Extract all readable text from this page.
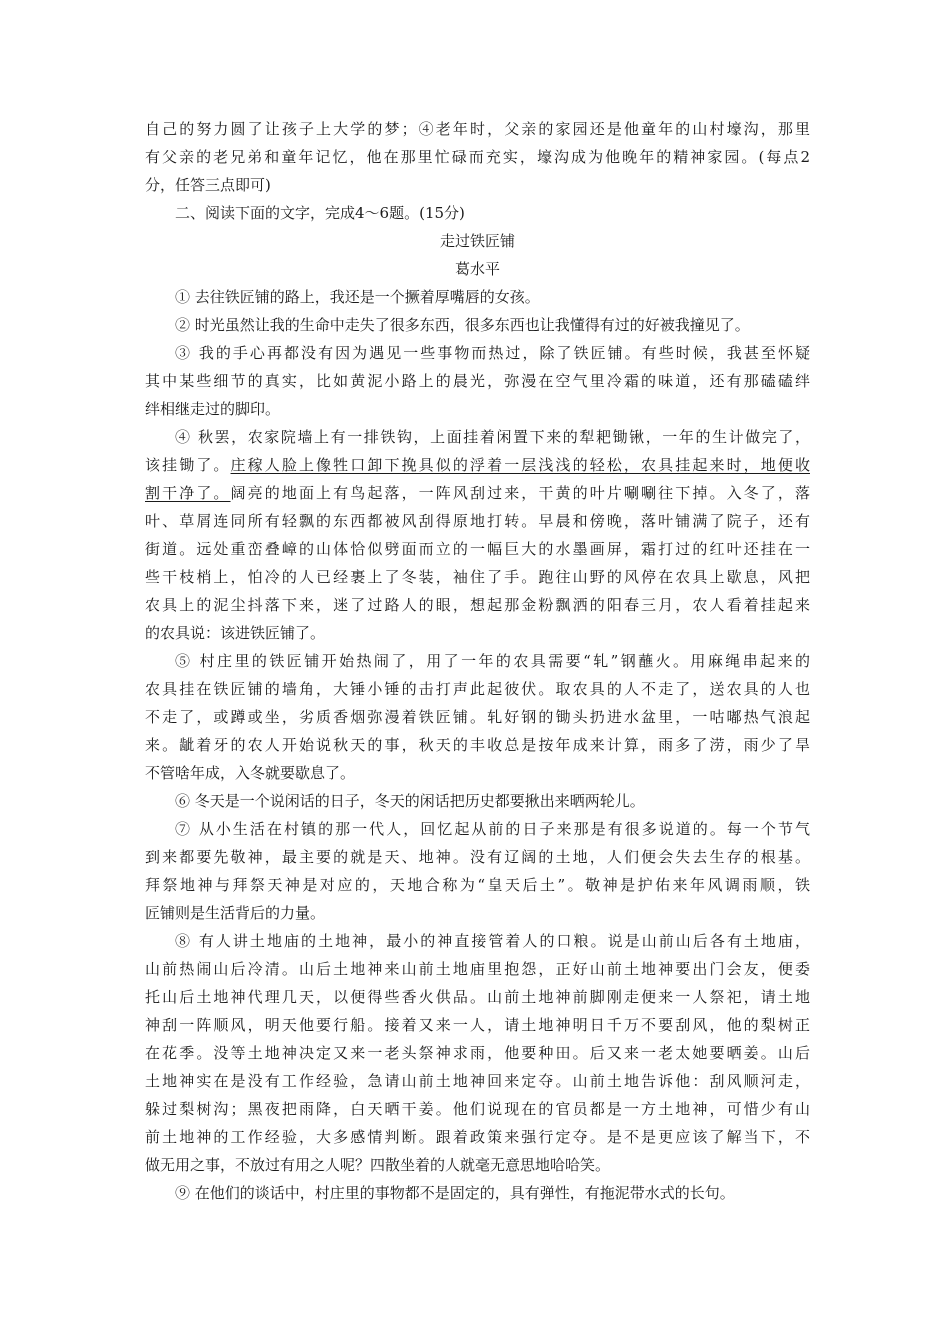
自己的努力圆了让孩子上大学的梦；④老年时，父亲的家园还是他童年的山村壕沟，那里
有父亲的老兄弟和童年记忆，他在那里忙碌而充实，壕沟成为他晚年的精神家园。(每点2
分，任答三点即可)
二、阅读下面的文字，完成4～6题。(15分)
走过铁匠铺
葛水平
① 去往铁匠铺的路上，我还是一个撅着厚嘴唇的女孩。
② 时光虽然让我的生命中走失了很多东西，很多东西也让我懂得有过的好被我撞见了。
③ 我的手心再都没有因为遇见一些事物而热过，除了铁匠铺。有些时候，我甚至怀疑
其中某些细节的真实，比如黄泥小路上的晨光，弥漫在空气里冷霜的味道，还有那磕磕绊
绊相继走过的脚印。
④ 秋罢，农家院墙上有一排铁钩，上面挂着闲置下来的犁耙锄锹，一年的生计做完了，
该挂锄了。庄稼人脸上像牲口卸下挽具似的浮着一层浅浅的轻松，农具挂起来时，地便收
割干净了。阔亮的地面上有鸟起落，一阵风刮过来，干黄的叶片唰唰往下掉。入冬了，落
叶、草屑连同所有轻飘的东西都被风刮得原地打转。早晨和傍晚，落叶铺满了院子，还有
街道。远处重峦叠嶂的山体恰似劈面而立的一幅巨大的水墨画屏，霜打过的红叶还挂在一
些干枝梢上，怕冷的人已经裹上了冬装，袖住了手。跑往山野的风停在农具上歇息，风把
农具上的泥尘抖落下来，迷了过路人的眼，想起那金粉飘洒的阳春三月，农人看着挂起来
的农具说：该进铁匠铺了。
⑤ 村庄里的铁匠铺开始热闹了，用了一年的农具需要“轧”钢蘸火。用麻绳串起来的
农具挂在铁匠铺的墙角，大锤小锤的击打声此起彼伏。取农具的人不走了，送农具的人也
不走了，或蹲或坐，劣质香烟弥漫着铁匠铺。轧好钢的锄头扔进水盆里，一咕嘟热气浪起
来。龇着牙的农人开始说秋天的事，秋天的丰收总是按年成来计算，雨多了涝，雨少了旱
不管啥年成，入冬就要歇息了。
⑥ 冬天是一个说闲话的日子，冬天的闲话把历史都要揪出来晒两轮儿。
⑦ 从小生活在村镇的那一代人，回忆起从前的日子来那是有很多说道的。每一个节气
到来都要先敬神，最主要的就是天、地神。没有辽阔的土地，人们便会失去生存的根基。
拜祭地神与拜祭天神是对应的，天地合称为“皇天后土”。敬神是护佑来年风调雨顺，铁
匠铺则是生活背后的力量。
⑧ 有人讲土地庙的土地神，最小的神直接管着人的口粮。说是山前山后各有土地庙，
山前热闹山后冷清。山后土地神来山前土地庙里抱怨，正好山前土地神要出门会友，便委
托山后土地神代理几天，以便得些香火供品。山前土地神前脚刚走便来一人祭祀，请土地
神刮一阵顺风，明天他要行船。接着又来一人，请土地神明日千万不要刮风，他的梨树正
在花季。没等土地神决定又来一老头祭神求雨，他要种田。后又来一老太她要晒姜。山后
土地神实在是没有工作经验，急请山前土地神回来定夺。山前土地告诉他：刮风顺河走，
躲过梨树沟；黑夜把雨降，白天晒干姜。他们说现在的官员都是一方土地神，可惜少有山
前土地神的工作经验，大多感情判断。跟着政策来强行定夺。是不是更应该了解当下，不
做无用之事，不放过有用之人呢？四散坐着的人就毫无意思地哈哈笑。
⑨ 在他们的谈话中，村庄里的事物都不是固定的，具有弹性，有拖泥带水式的长句。
